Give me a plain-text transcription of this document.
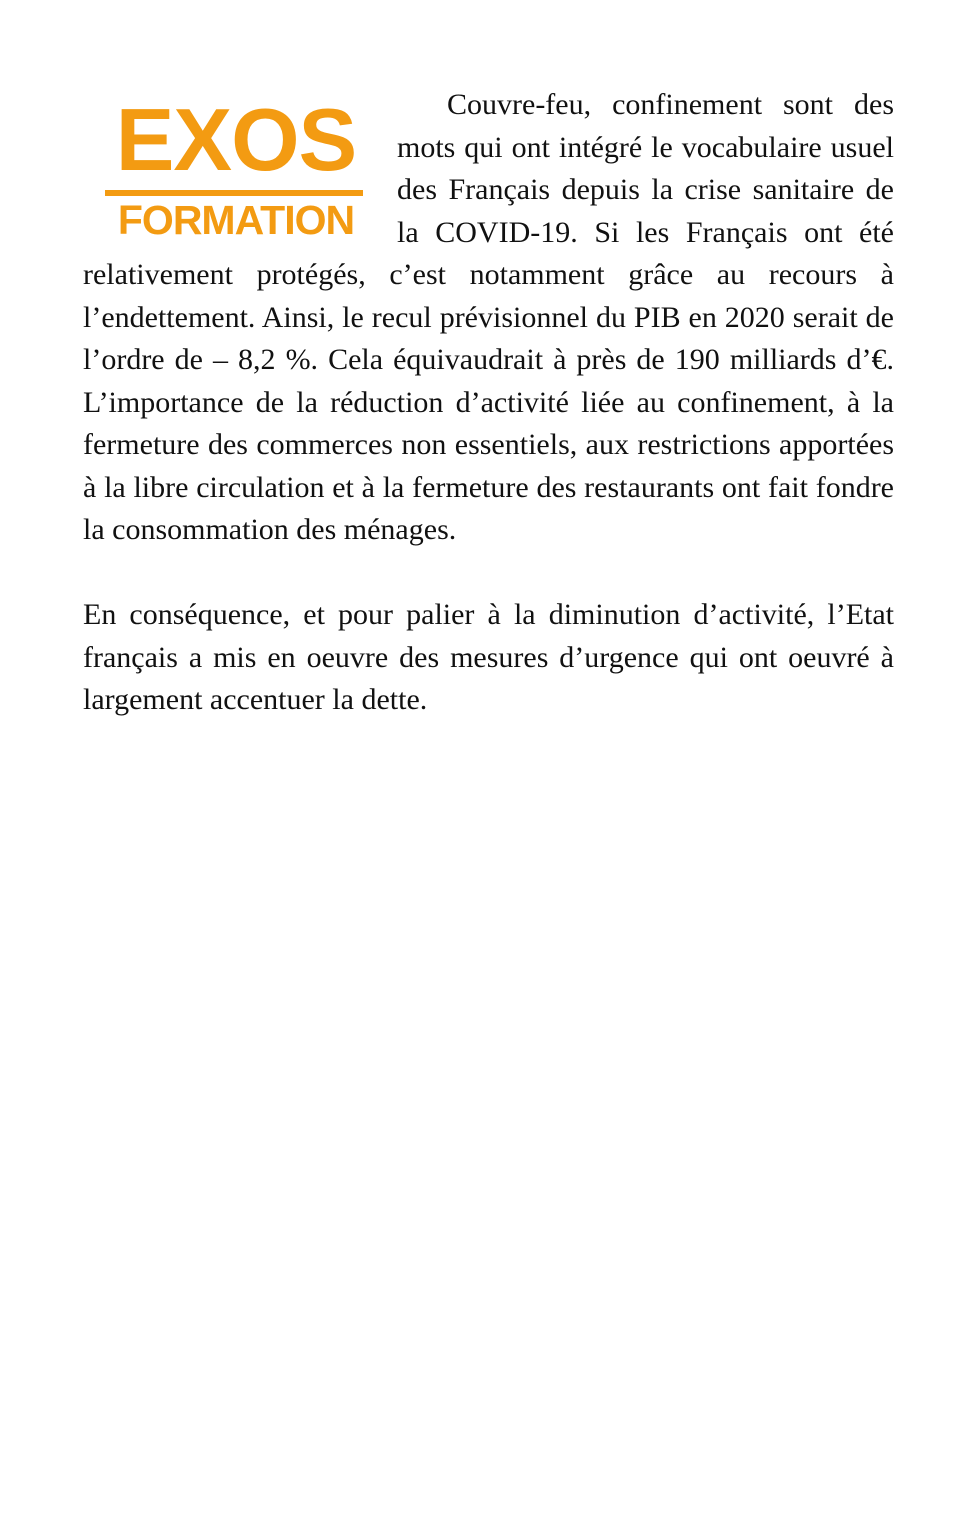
EXOS
FORMATION

Couvre-feu, confinement sont des mots qui ont intégré le vocabulaire usuel des Français depuis la crise sanitaire de la COVID-19. Si les Français ont été relativement protégés, c’est notamment grâce au recours à l’endettement. Ainsi, le recul prévisionnel du PIB en 2020 serait de l’ordre de – 8,2 %. Cela équivaudrait à près de 190 milliards d’€. L’importance de la réduction d’activité liée au confinement, à la fermeture des commerces non essentiels, aux restrictions apportées à la libre circulation et à la fermeture des restaurants ont fait fondre la consommation des ménages.

En conséquence, et pour palier à la diminution d’activité, l’Etat français a mis en oeuvre des mesures d’urgence qui ont oeuvré à largement accentuer la dette.
